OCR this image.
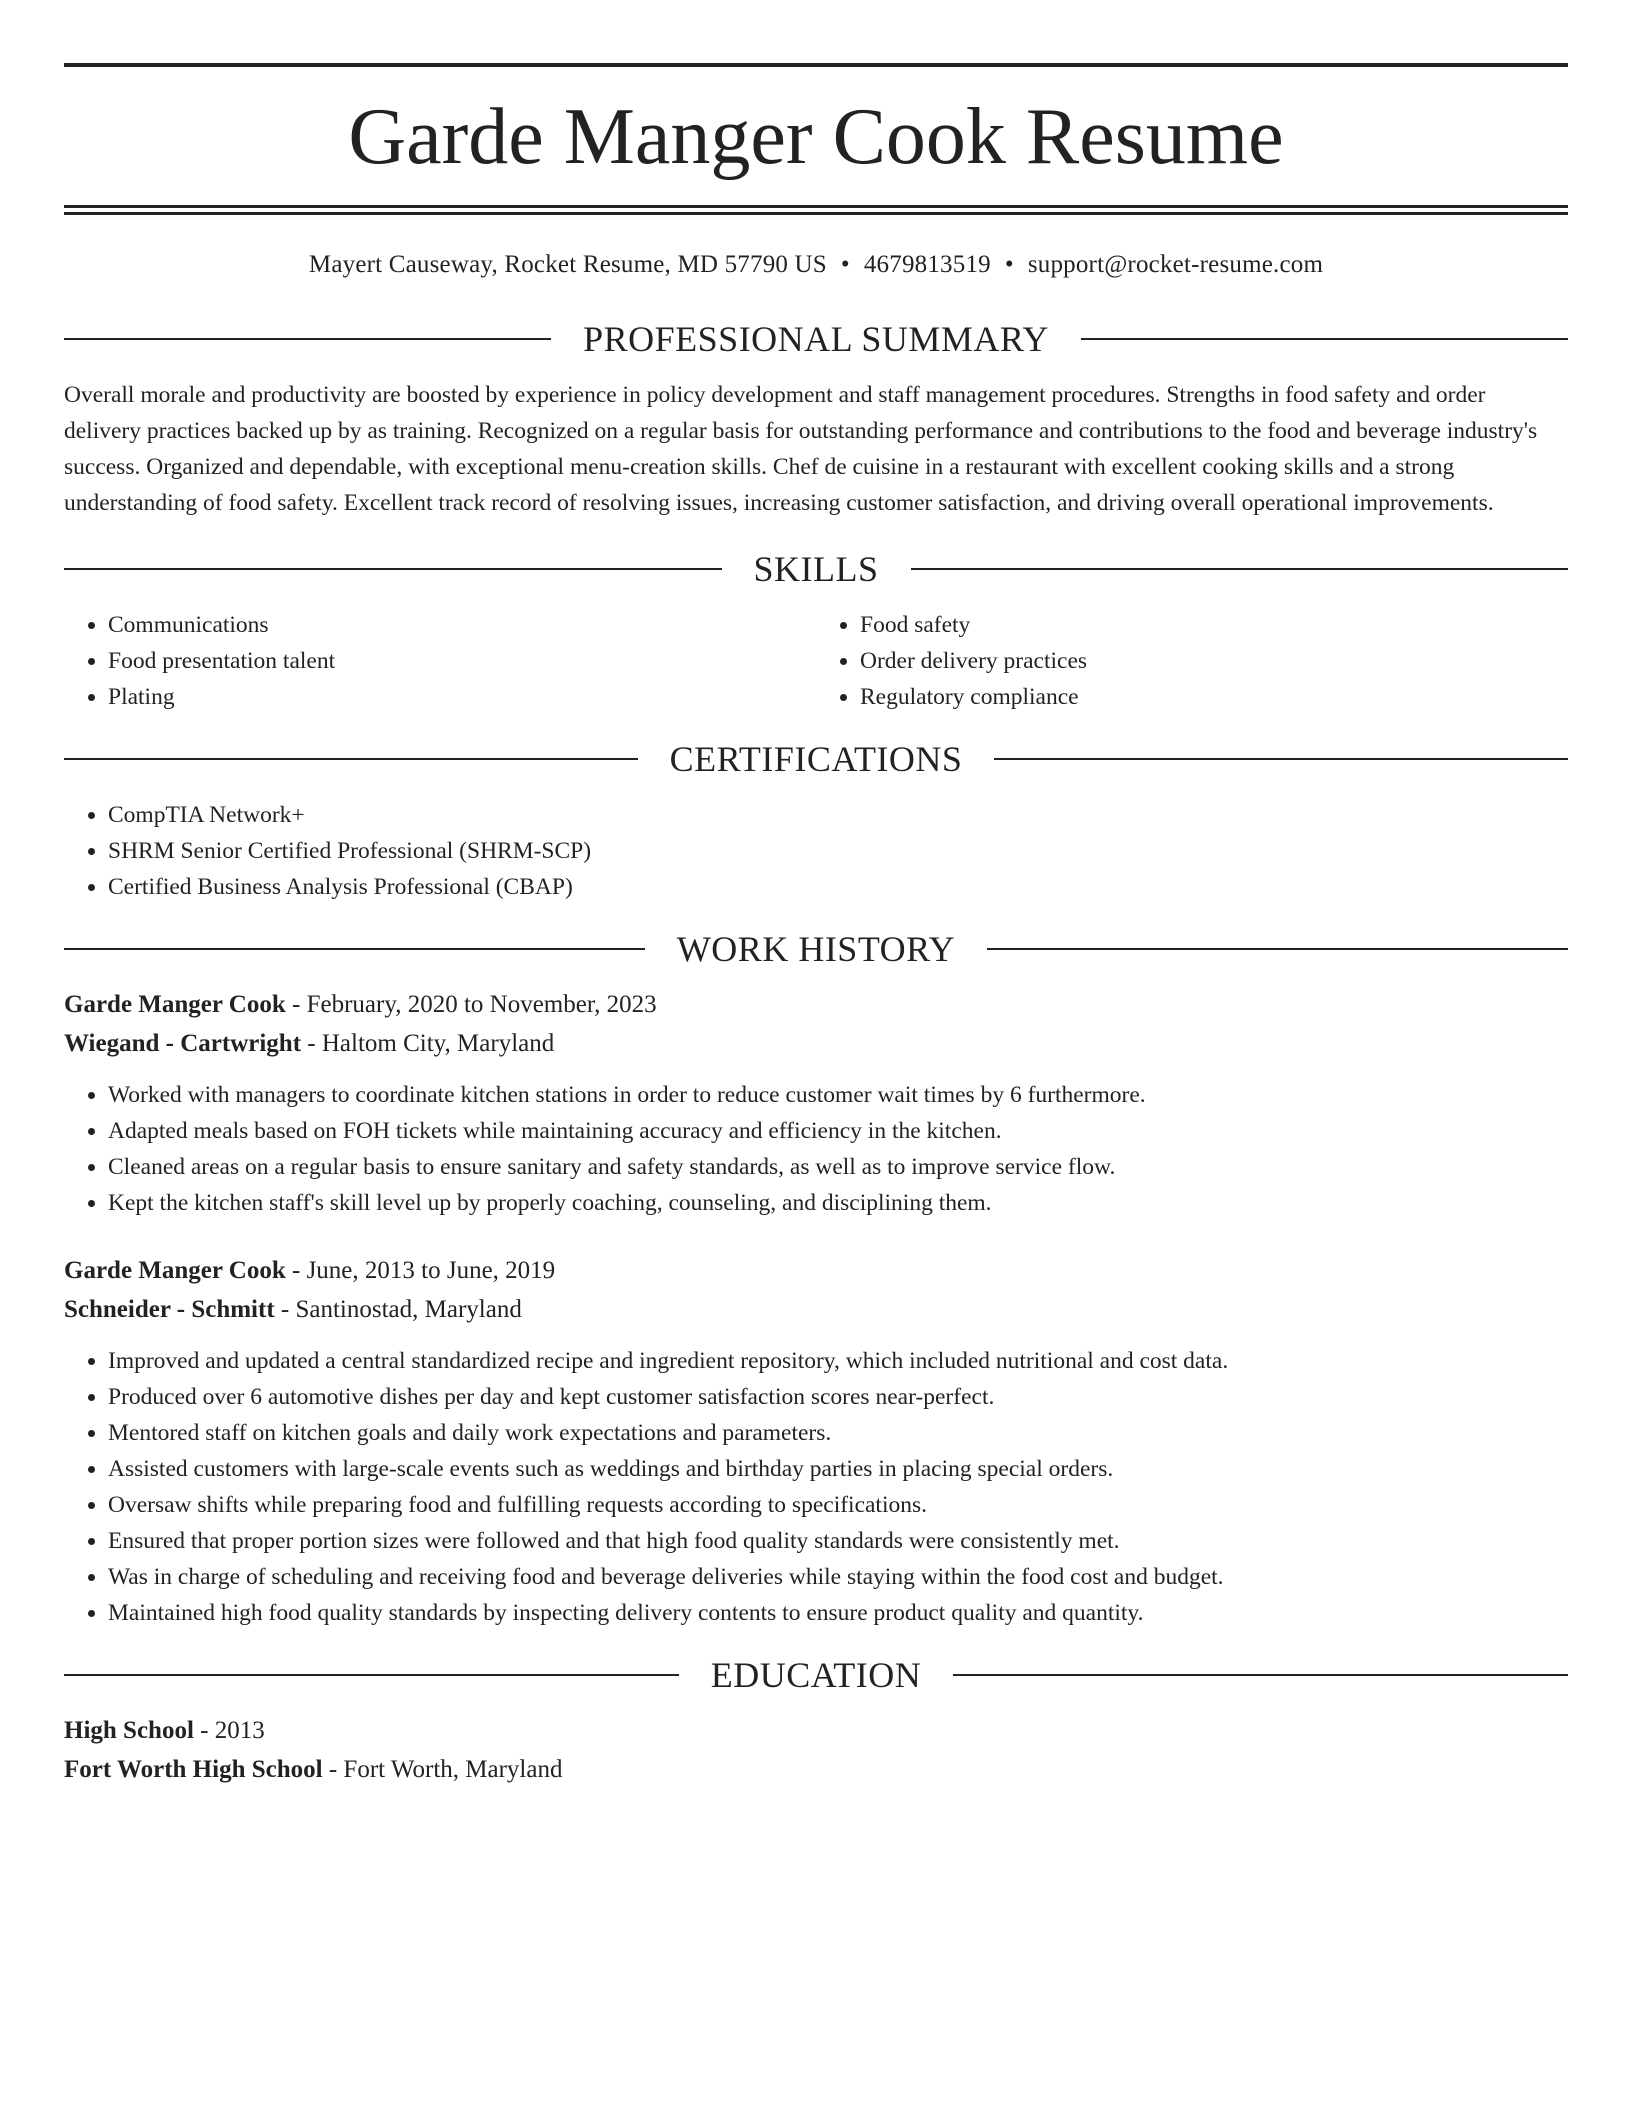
Garde Manger Cook Resume
Mayert Causeway, Rocket Resume, MD 57790 US • 4679813519 • support@rocket-resume.com
PROFESSIONAL SUMMARY
Overall morale and productivity are boosted by experience in policy development and staff management procedures. Strengths in food safety and order delivery practices backed up by as training. Recognized on a regular basis for outstanding performance and contributions to the food and beverage industry's success. Organized and dependable, with exceptional menu-creation skills. Chef de cuisine in a restaurant with excellent cooking skills and a strong understanding of food safety. Excellent track record of resolving issues, increasing customer satisfaction, and driving overall operational improvements.
SKILLS
• Communications
• Food presentation talent
• Plating
• Food safety
• Order delivery practices
• Regulatory compliance
CERTIFICATIONS
• CompTIA Network+
• SHRM Senior Certified Professional (SHRM-SCP)
• Certified Business Analysis Professional (CBAP)
WORK HISTORY
Garde Manger Cook - February, 2020 to November, 2023
Wiegand - Cartwright - Haltom City, Maryland
• Worked with managers to coordinate kitchen stations in order to reduce customer wait times by 6 furthermore.
• Adapted meals based on FOH tickets while maintaining accuracy and efficiency in the kitchen.
• Cleaned areas on a regular basis to ensure sanitary and safety standards, as well as to improve service flow.
• Kept the kitchen staff's skill level up by properly coaching, counseling, and disciplining them.
Garde Manger Cook - June, 2013 to June, 2019
Schneider - Schmitt - Santinostad, Maryland
• Improved and updated a central standardized recipe and ingredient repository, which included nutritional and cost data.
• Produced over 6 automotive dishes per day and kept customer satisfaction scores near-perfect.
• Mentored staff on kitchen goals and daily work expectations and parameters.
• Assisted customers with large-scale events such as weddings and birthday parties in placing special orders.
• Oversaw shifts while preparing food and fulfilling requests according to specifications.
• Ensured that proper portion sizes were followed and that high food quality standards were consistently met.
• Was in charge of scheduling and receiving food and beverage deliveries while staying within the food cost and budget.
• Maintained high food quality standards by inspecting delivery contents to ensure product quality and quantity.
EDUCATION
High School - 2013
Fort Worth High School - Fort Worth, Maryland
